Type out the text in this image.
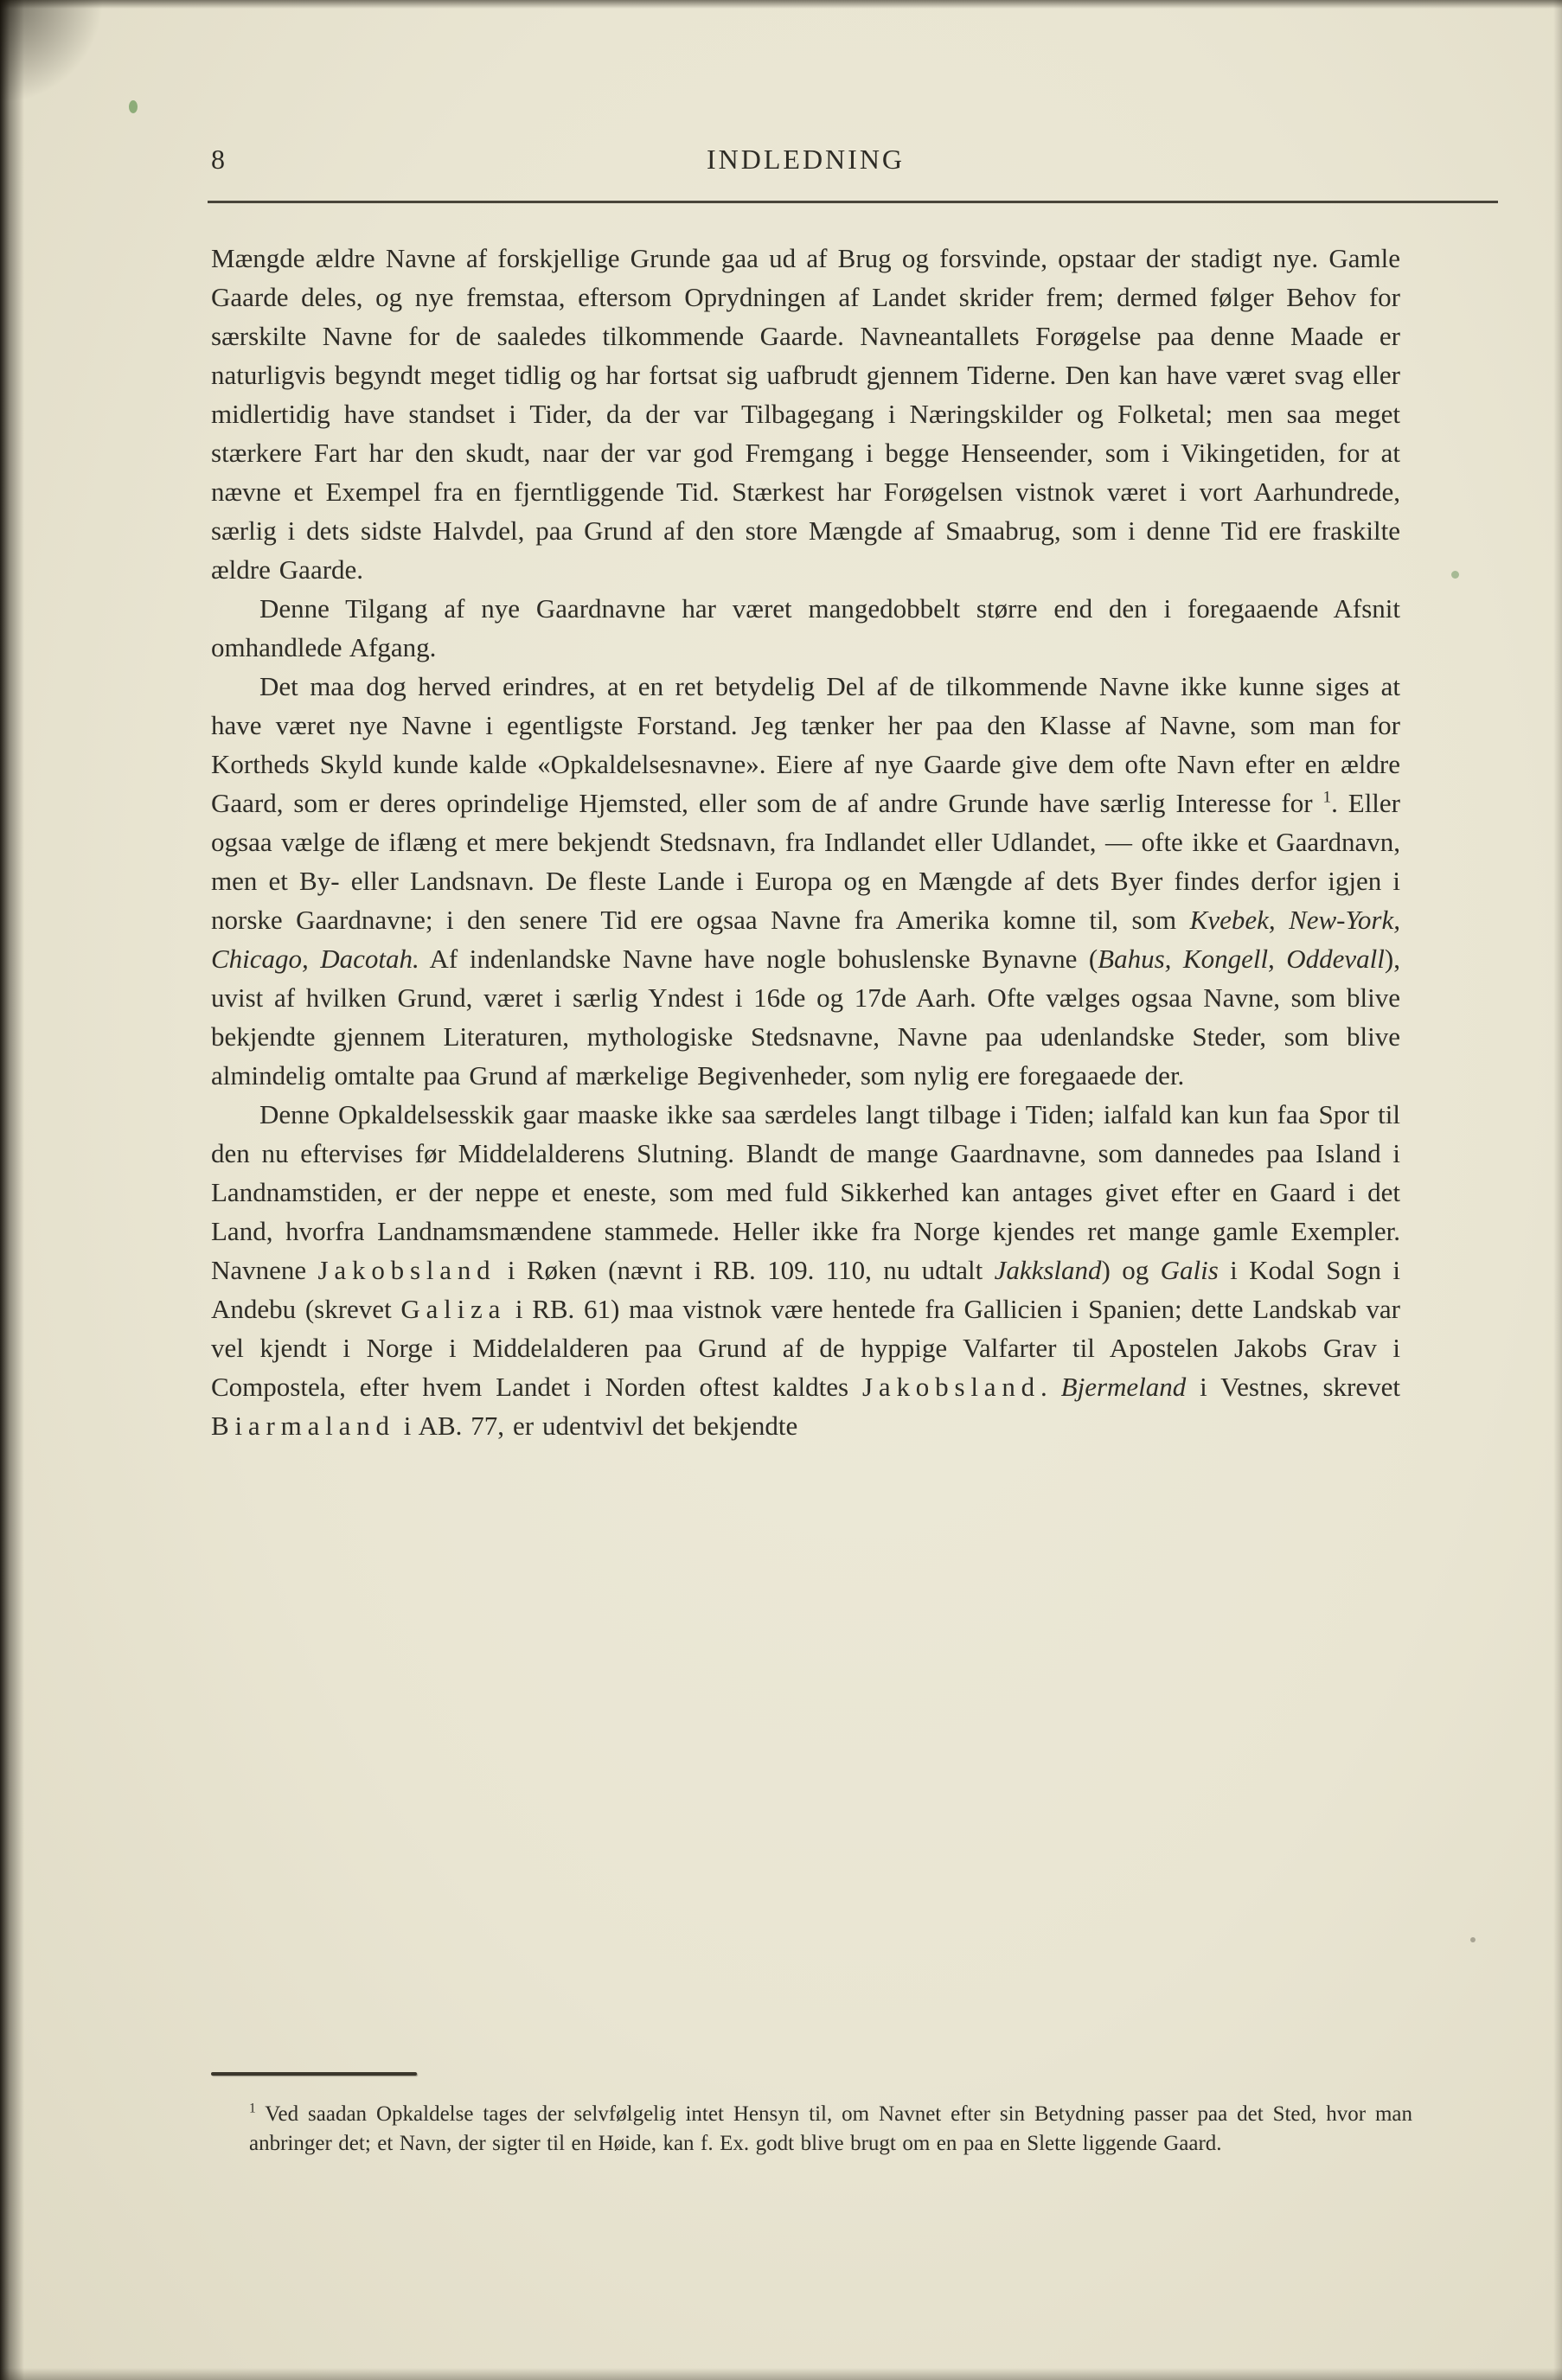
8	INDLEDNING

Mængde ældre Navne af forskjellige Grunde gaa ud af Brug og forsvinde, opstaar der stadigt nye. Gamle Gaarde deles, og nye fremstaa, eftersom Oprydningen af Landet skrider frem; dermed følger Behov for særskilte Navne for de saaledes tilkommende Gaarde. Navneantallets Forøgelse paa denne Maade er naturligvis begyndt meget tidlig og har fortsat sig uafbrudt gjennem Tiderne. Den kan have været svag eller midlertidig have standset i Tider, da der var Tilbagegang i Næringskilder og Folketal; men saa meget stærkere Fart har den skudt, naar der var god Fremgang i begge Henseender, som i Vikingetiden, for at nævne et Exempel fra en fjerntliggende Tid. Stærkest har Forøgelsen vistnok været i vort Aarhundrede, særlig i dets sidste Halvdel, paa Grund af den store Mængde af Smaabrug, som i denne Tid ere fraskilte ældre Gaarde.

Denne Tilgang af nye Gaardnavne har været mangedobbelt større end den i foregaaende Afsnit omhandlede Afgang.

Det maa dog herved erindres, at en ret betydelig Del af de tilkommende Navne ikke kunne siges at have været nye Navne i egentligste Forstand. Jeg tænker her paa den Klasse af Navne, som man for Kortheds Skyld kunde kalde «Opkaldelsesnavne». Eiere af nye Gaarde give dem ofte Navn efter en ældre Gaard, som er deres oprindelige Hjemsted, eller som de af andre Grunde have særlig Interesse for $^1$. Eller ogsaa vælge de iflæng et mere bekjendt Stedsnavn, fra Indlandet eller Udlandet, — ofte ikke et Gaardnavn, men et By- eller Landsnavn. De fleste Lande i Europa og en Mængde af dets Byer findes derfor igjen i norske Gaardnavne; i den senere Tid ere ogsaa Navne fra Amerika komne til, som Kvebek, New-York, Chicago, Dacotah. Af indenlandske Navne have nogle bohuslenske Bynavne (Bahus, Kongell, Oddevall), uvist af hvilken Grund, været i særlig Yndest i 16de og 17de Aarh. Ofte vælges ogsaa Navne, som blive bekjendte gjennem Literaturen, mythologiske Stedsnavne, Navne paa udenlandske Steder, som blive almindelig omtalte paa Grund af mærkelige Begivenheder, som nylig ere foregaaede der.

Denne Opkaldelsesskik gaar maaske ikke saa særdeles langt tilbage i Tiden; ialfald kan kun faa Spor til den nu eftervises før Middelalderens Slutning. Blandt de mange Gaardnavne, som dannedes paa Island i Landnamstiden, er der neppe et eneste, som med fuld Sikkerhed kan antages givet efter en Gaard i det Land, hvorfra Landnamsmændene stammede. Heller ikke fra Norge kjendes ret mange gamle Exempler. Navnene Jakobsland i Røken (nævnt i RB. 109. 110, nu udtalt Jakksland) og Galis i Kodal Sogn i Andebu (skrevet Galiza i RB. 61) maa vistnok være hentede fra Gallicien i Spanien; dette Landskab var vel kjendt i Norge i Middelalderen paa Grund af de hyppige Valfarter til Apostelen Jakobs Grav i Compostela, efter hvem Landet i Norden oftest kaldtes Jakobsland. Bjermeland i Vestnes, skrevet Biarmaland i AB. 77, er udentvivl det bekjendte

$^1$ Ved saadan Opkaldelse tages der selvfølgelig intet Hensyn til, om Navnet efter sin Betydning passer paa det Sted, hvor man anbringer det; et Navn, der sigter til en Høide, kan f. Ex. godt blive brugt om en paa en Slette liggende Gaard.
